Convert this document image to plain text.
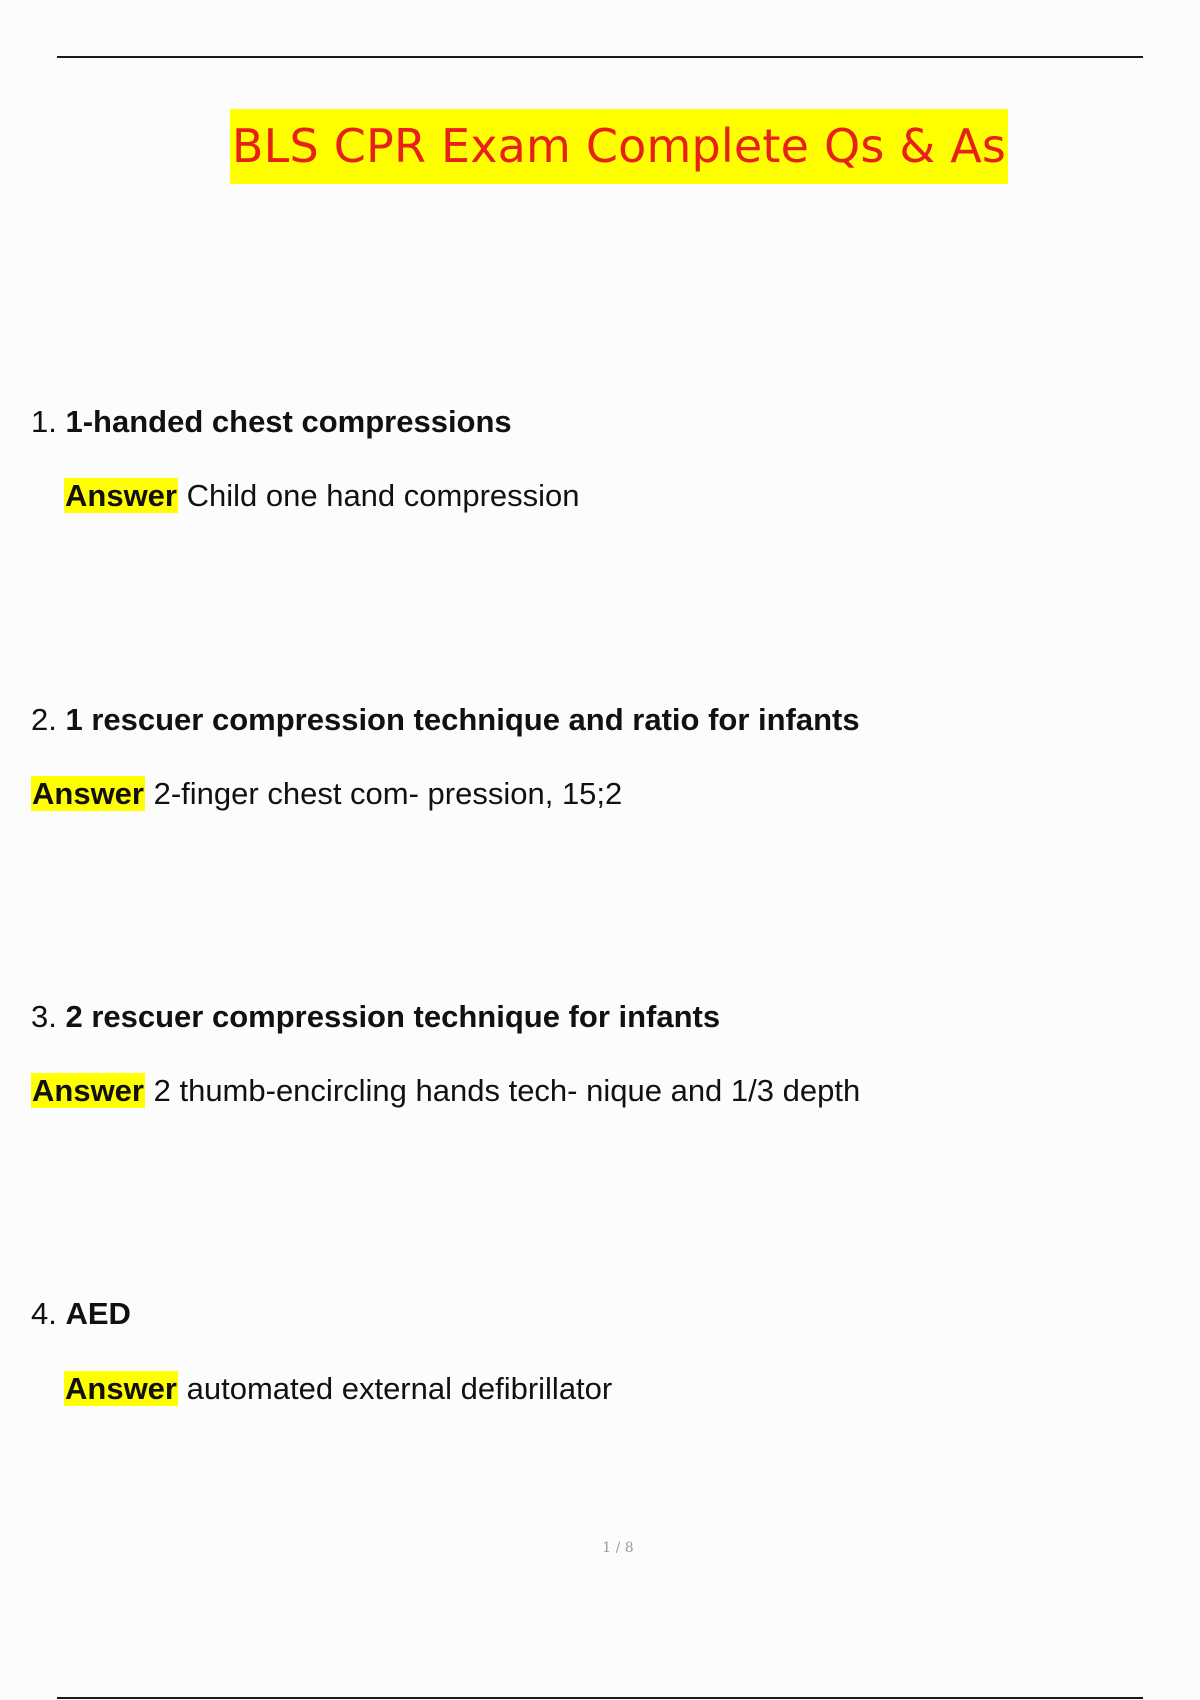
BLS CPR Exam Complete Qs & As
1. 1-handed chest compressions
Answer Child one hand compression
2. 1 rescuer compression technique and ratio for infants
Answer 2-finger chest com- pression, 15;2
3. 2 rescuer compression technique for infants
Answer 2 thumb-encircling hands tech- nique and 1/3 depth
4. AED
Answer automated external defibrillator
1 / 8
